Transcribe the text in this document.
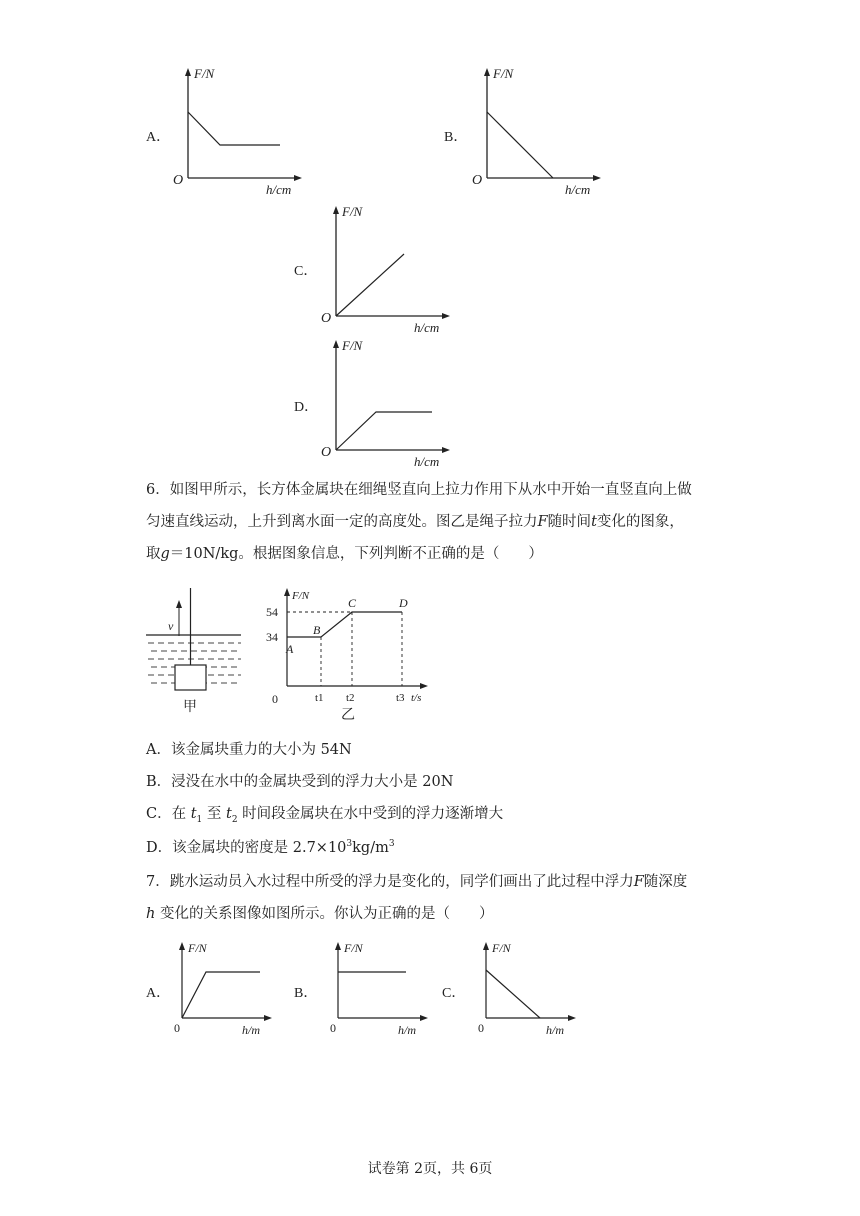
A．
F/N
O
h/cm
B．
F/N
O
h/cm
C．
F/N
O
h/cm
D．
F/N
O
h/cm
6．如图甲所示，长方体金属块在细绳竖直向上拉力作用下从水中开始一直竖直向上做
匀速直线运动，上升到离水面一定的高度处。图乙是绳子拉力F随时间t变化的图象，
取g＝10N/kg。根据图象信息，下列判断不正确的是（　　）
v
甲
F/N
54
34
A
B
C	D
0	t1 t2	t3 t/s
乙
A．该金属块重力的大小为 54N
B．浸没在水中的金属块受到的浮力大小是 20N
C．在 $t_1$ 至 $t_2$ 时间段金属块在水中受到的浮力逐渐增大
D．该金属块的密度是 $2.7\times 10^3kg/m^3$
7．跳水运动员入水过程中所受的浮力是变化的，同学们画出了此过程中浮力F随深度
h 变化的关系图像如图所示。你认为正确的是（　　）
A．
F/N
0	h/m
B．
F/N
0	h/m
C．
F/N
0	h/m
试卷第 2页，共 6页
